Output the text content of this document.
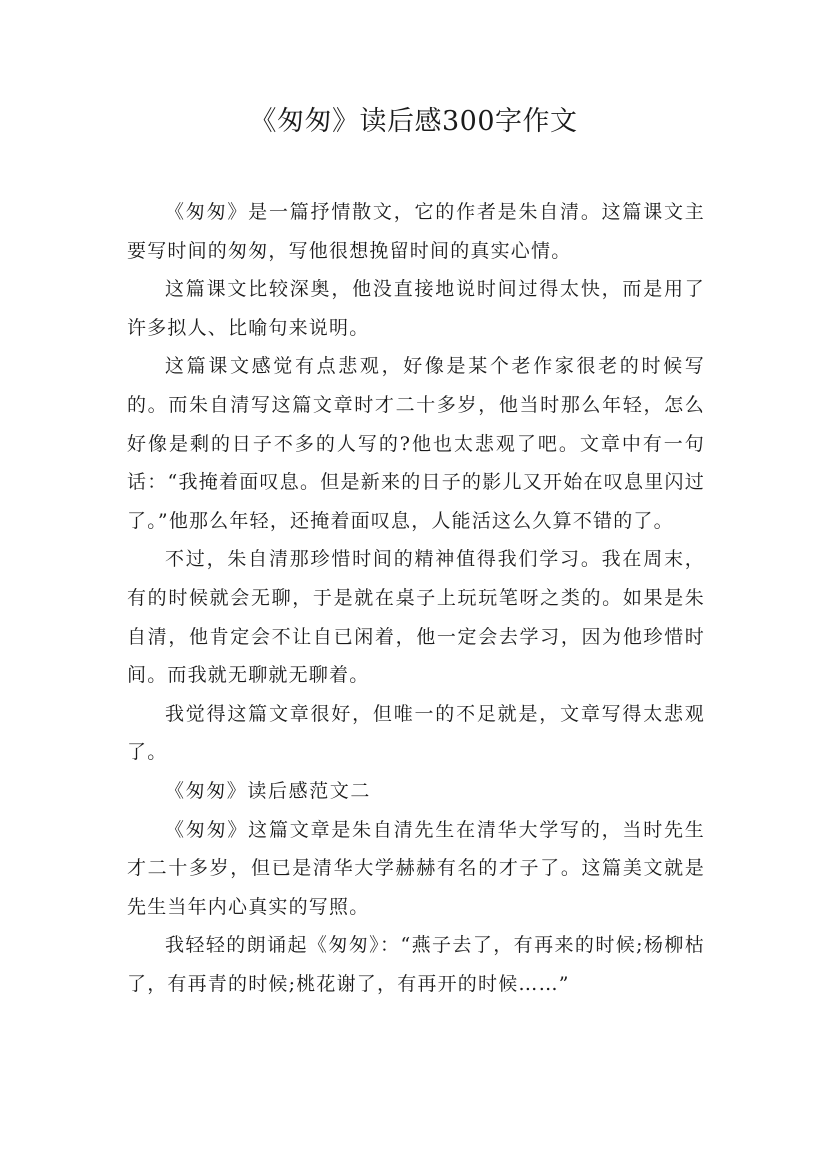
《匆匆》读后感300字作文

《匆匆》是一篇抒情散文，它的作者是朱自清。这篇课文主要写时间的匆匆，写他很想挽留时间的真实心情。

这篇课文比较深奥，他没直接地说时间过得太快，而是用了许多拟人、比喻句来说明。

这篇课文感觉有点悲观，好像是某个老作家很老的时候写的。而朱自清写这篇文章时才二十多岁，他当时那么年轻，怎么好像是剩的日子不多的人写的?他也太悲观了吧。文章中有一句话：“我掩着面叹息。但是新来的日子的影儿又开始在叹息里闪过了。”他那么年轻，还掩着面叹息，人能活这么久算不错的了。

不过，朱自清那珍惜时间的精神值得我们学习。我在周末，有的时候就会无聊，于是就在桌子上玩玩笔呀之类的。如果是朱自清，他肯定会不让自已闲着，他一定会去学习，因为他珍惜时间。而我就无聊就无聊着。

我觉得这篇文章很好，但唯一的不足就是，文章写得太悲观了。

《匆匆》读后感范文二

《匆匆》这篇文章是朱自清先生在清华大学写的，当时先生才二十多岁，但已是清华大学赫赫有名的才子了。这篇美文就是先生当年内心真实的写照。

我轻轻的朗诵起《匆匆》：“燕子去了，有再来的时候;杨柳枯了，有再青的时候;桃花谢了，有再开的时候……”
